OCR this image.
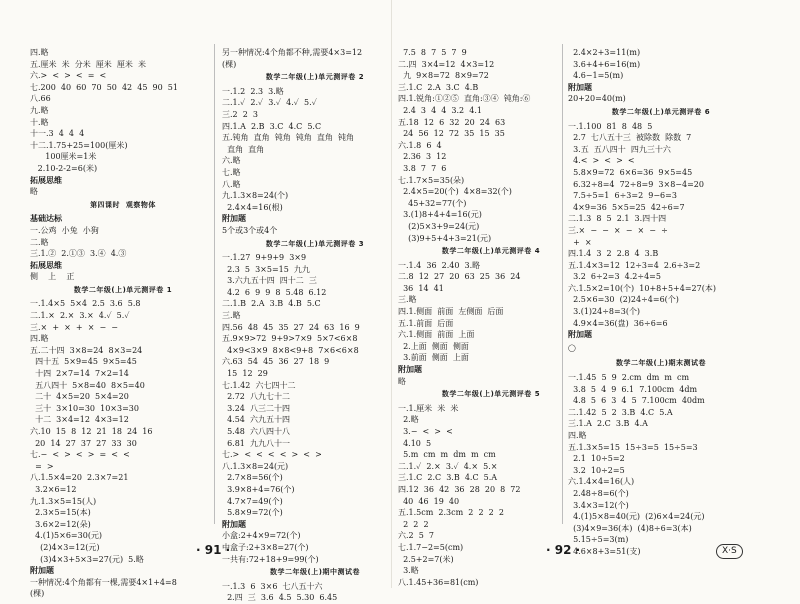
四.略
五.厘米  米  分米  厘米  厘米  米
六.>  <  >  <  =  <
七.200  40  60  70  50  42  45  90  51
八.66
九.略
十.略
十一.3  4  4  4
十二.1.75+25=100(厘米)
100厘米=1米
2.10-2-2=6(米)
拓展思维
略
第四课时  观察物体
基础达标
一.公鸡  小兔  小狗
二.略
三.1.②  2.①③  3.④  4.③
拓展思维
侧    上    正
数学二年级(上)单元测评卷 1
一.1.4×5  5×4  2.5  3.6  5.8
二.1.×  2.×  3.×  4.✓  5.✓
三.×  +  ×  +  ×  −  −
四.略
五.二十四  3×8=24  8×3=24
四十五  5×9=45  9×5=45
十四  2×7=14  7×2=14
五八四十  5×8=40  8×5=40
二十  4×5=20  5×4=20
三十  3×10=30  10×3=30
十二  3×4=12  4×3=12
六.10  15  8  12  21  18  24  16
20  14  27  37  27  33  30
七.−  <  >  <  >  =  <  <
=  >
八.1.5×4=20  2.3×7=21
3.2×6=12
九.1.3×5=15(人)
2.3×5=15(本)
3.6×2=12(朵)
4.(1)5×6=30(元)
(2)4×3=12(元)
(3)4×3+5×3=27(元)  5.略
附加题
一种情况:4个角都有一棵,需要4×1+4=8
(棵)
另一种情况:4个角都不种,需要4×3=12
(棵)
数学二年级(上)单元测评卷 2
一.1.2  2.3  3.略
二.1.✓  2.✓  3.✓  4.✓  5.✓
三.2  2  3
四.1.A  2.B  3.C  4.C  5.C
五.钝角  直角  钝角  钝角  直角  钝角
直角  直角
六.略
七.略
八.略
九.1.3×8=24(个)
2.4×4=16(根)
附加题
5个或3个或4个
数学二年级(上)单元测评卷 3
一.1.27  9+9+9  3×9
2.3  5  3×5=15  九九
3.六九五十四  四十二  三
4.2  6  9  9  8  5.48  6.12
二.1.B  2.A  3.B  4.B  5.C
三.略
四.56  48  45  35  27  24  63  16  9
五.9×9>72  9+9>7×9  5×7<6×8
4×9<3×9  8×8<9+8  7×6<6×8
六.63  54  45  36  27  18  9
15  12  29
七.1.42  六七四十二
2.72  八九七十二
3.24  八三二十四
4.54  六九五十四
5.48  六八四十八
6.81  九九八十一
七.>  <  <  <  <  >  <  >
八.1.3×8=24(元)
2.7×8=56(个)
3.9×8+4=76(个)
4.7×7=49(个)
5.8×9=72(个)
附加题
小盒:2+4×9=72(个)
中盒子:2+3×8=27(个)
一共有:72+18+9=99(个)
数学二年级(上)期中测试卷
一.1.3  6  3×6  七八五十六
2.四  三  3.6  4.5  5.30  6.45
7.5  8  7  5  7  9
二.四  3×4=12  4×3=12
九  9×8=72  8×9=72
三.1.C  2.A  3.C  4.B
四.1.锐角:①②⑤  直角:③④  钝角:⑥
2.4  3  4  4  3.2  4.1
五.18  12  6  32  20  24  63
24  56  12  72  35  15  35
六.1.8  6  4
2.36  3  12
3.8  7  7  6
七.1.7×5=35(朵)
2.4×5=20(个)  4×8=32(个)
45+32=77(个)
3.(1)8+4+4=16(元)
(2)5×3+9=24(元)
(3)9+5+4+3=21(元)
数学二年级(上)单元测评卷 4
一.1.4  36  2.40  3.略
二.8  12  27  20  63  25  36  24
36  14  41
三.略
四.1.侧面  前面  左侧面  后面
五.1.前面  后面
六.1.侧面  前面  上面
2.上面  侧面  侧面
3.前面  侧面  上面
附加题
略
数学二年级(上)单元测评卷 5
一.1.厘米  米  米
2.略
3.−  <  >  <
4.10  5
5.m  cm  m  dm  m  cm
二.1.✓  2.×  3.✓  4.×  5.×
三.1.C  2.C  3.B  4.C  5.A
四.12  36  42  36  28  20  8  72
40  46  19  40
五.1.5cm  2.3cm  2  2  2  2
2  2  2
六.2  5  7
七.1.7−2=5(cm)
2.5+2=7(米)
3.略
八.1.45+36=81(cm)
2.4×2+3=11(m)
3.6+4+6=16(m)
4.6−1=5(m)
附加题
20+20=40(m)
数学二年级(上)单元测评卷 6
一.1.100  81  8  48  5
2.7  七八五十三  被除数  除数  7
3.五  五八四十  四九三十六
4.<  >  <  >  <
5.8×9=72  6×6=36  9×5=45
6.32÷8=4  72÷8=9  3×8−4=20
7.5÷5=1  6÷3=2  9−6=3
4×9=36  5×5=25  42÷6=7
二.1.3  8  5  2.1  3.四十四
三.×  −  −  ×  −  ×  −  ÷
+  ×
四.1.4  3  2  2.8  4  3.B
五.1.4×3=12  12÷3=4  2.6÷3=2
3.2  6÷2=3  4.2÷4=5
六.1.5×2=10(个)  10+8+5+4=27(本)
2.5×6=30  (2)24÷4=6(个)
3.(1)24÷8=3(个)
4.9×4=36(盘)  36÷6=6
附加题
◯
数学二年级(上)期末测试卷
一.1.45  5  9  2.cm  dm  m  cm
3.8  5  4  9  6.1  7.100cm  4dm
4.8  5  6  3  4  5  7.100cm  40dm
二.1.42  5  2  3.B  4.C  5.A
三.1.A  2.C  3.B  4.A
四.略
五.1.3×5=15  15÷3=5  15÷5=3
2.1  10÷5=2
3.2  10÷2=5
六.1.4×4=16(人)
2.48÷8=6(个)
3.4×3=12(个)
4.(1)5×8=40(元)  (2)6×4=24(元)
(3)4×9=36(本)  (4)8÷6=3(本)
5.15÷5=3(m)
4.6×8+3=51(支)
· 91 ·	· 92 ·	X·S
